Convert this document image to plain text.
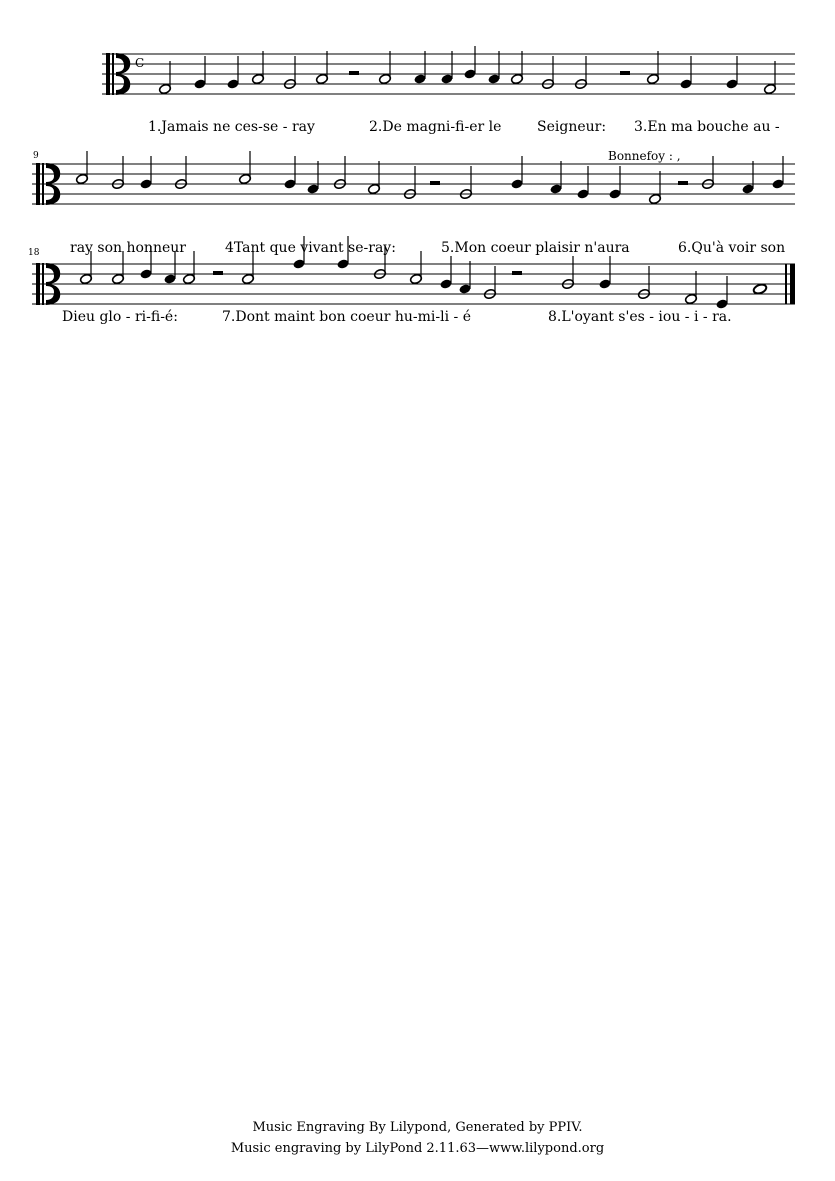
C
1.Jamais ne ces-se - ray	2.De magni-fi-er le	Seigneur: 3.En ma bouche au -
9	Bonnefoy : ,
ray son honneur	4Tant que vivant se-ray:	5.Mon coeur plaisir n'aura	6.Qu'à voir son
18
Dieu glo - ri-fi-é:	7.Dont maint bon coeur hu-mi-li - é	8.L'oyant s'es - iou - i - ra.
Music Engraving By Lilypond, Generated by PPIV.
Music engraving by LilyPond 2.11.63—www.lilypond.org
